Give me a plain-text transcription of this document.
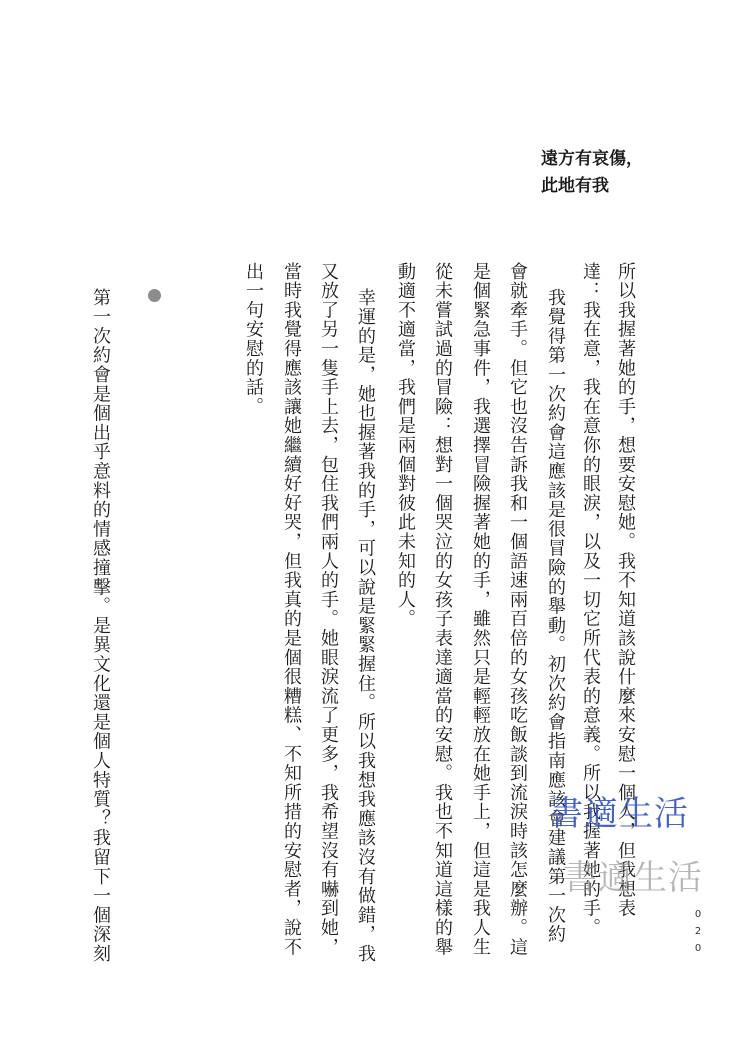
遠方有哀傷，
此地有我
所以我握著她的手，想要安慰她。我不知道該說什麼來安慰一個人，但我想表
達：我在意，我在意你的眼淚，以及一切它所代表的意義。所以我握著她的手。
我覺得第一次約會這應該是很冒險的舉動。初次約會指南應該會建議第一次約
會就牽手。但它也沒告訴我和一個語速兩百倍的女孩吃飯談到流淚時該怎麼辦。這
是個緊急事件，我選擇冒險握著她的手，雖然只是輕輕放在她手上，但這是我人生
從未嘗試過的冒險：想對一個哭泣的女孩子表達適當的安慰。我也不知道這樣的舉
動適不適當，我們是兩個對彼此未知的人。
幸運的是，她也握著我的手，可以說是緊緊握住。所以我想我應該沒有做錯，我
又放了另一隻手上去，包住我們兩人的手。她眼淚流了更多，我希望沒有嚇到她，
當時我覺得應該讓她繼續好好哭，但我真的是個很糟糕、不知所措的安慰者，說不
出一句安慰的話。
第一次約會是個出乎意料的情感撞擊。是異文化還是個人特質？我留下一個深刻	0
2
0
書適生活
書適生活
